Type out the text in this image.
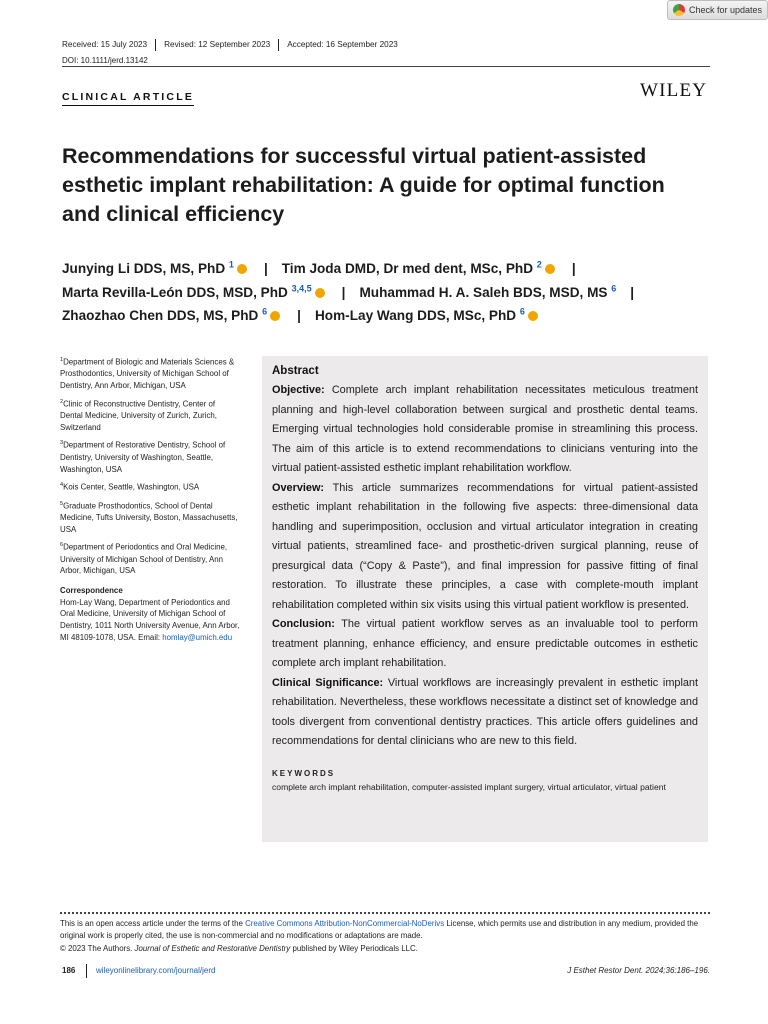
Check for updates
Received: 15 July 2023	Revised: 12 September 2023	Accepted: 16 September 2023
DOI: 10.1111/jerd.13142
CLINICAL ARTICLE	WILEY
Recommendations for successful virtual patient-assisted esthetic implant rehabilitation: A guide for optimal function and clinical efficiency
Junying Li DDS, MS, PhD $^1$ | Tim Joda DMD, Dr med dent, MSc, PhD $^2$ |
Marta Revilla-León DDS, MSD, PhD $^{3,4,5}$ | Muhammad H. A. Saleh BDS, MSD, MS $^6$ |
Zhaozhao Chen DDS, MS, PhD $^6$ | Hom-Lay Wang DDS, MSc, PhD $^6$

$^1$Department of Biologic and Materials Sciences & Prosthodontics, University of Michigan School of Dentistry, Ann Arbor, Michigan, USA

$^2$Clinic of Reconstructive Dentistry, Center of Dental Medicine, University of Zurich, Zurich, Switzerland

$^3$Department of Restorative Dentistry, School of Dentistry, University of Washington, Seattle, Washington, USA

$^4$Kois Center, Seattle, Washington, USA

$^5$Graduate Prosthodontics, School of Dental Medicine, Tufts University, Boston, Massachusetts, USA

$^6$Department of Periodontics and Oral Medicine, University of Michigan School of Dentistry, Ann Arbor, Michigan, USA

Correspondence
Hom-Lay Wang, Department of Periodontics and Oral Medicine, University of Michigan School of Dentistry, 1011 North University Avenue, Ann Arbor, MI 48109-1078, USA. Email: homlay@umich.edu
Abstract

Objective: Complete arch implant rehabilitation necessitates meticulous treatment planning and high-level collaboration between surgical and prosthetic dental teams. Emerging virtual technologies hold considerable promise in streamlining this process. The aim of this article is to extend recommendations to clinicians venturing into the virtual patient-assisted esthetic implant rehabilitation workflow.

Overview: This article summarizes recommendations for virtual patient-assisted esthetic implant rehabilitation in the following five aspects: three-dimensional data handling and superimposition, occlusion and virtual articulator integration in creating virtual patients, streamlined face- and prosthetic-driven surgical planning, reuse of presurgical data (“Copy & Paste”), and final impression for passive fitting of final restoration. To illustrate these principles, a case with complete-mouth implant rehabilitation completed within six visits using this virtual patient workflow is presented.

Conclusion: The virtual patient workflow serves as an invaluable tool to perform treatment planning, enhance efficiency, and ensure predictable outcomes in esthetic complete arch implant rehabilitation.

Clinical Significance: Virtual workflows are increasingly prevalent in esthetic implant rehabilitation. Nevertheless, these workflows necessitate a distinct set of knowledge and tools divergent from conventional dentistry practices. This article offers guidelines and recommendations for dental clinicians who are new to this field.

KEYWORDS
complete arch implant rehabilitation, computer-assisted implant surgery, virtual articulator, virtual patient
This is an open access article under the terms of the Creative Commons Attribution-NonCommercial-NoDerivs License, which permits use and distribution in any medium, provided the original work is properly cited, the use is non-commercial and no modifications or adaptations are made.
© 2023 The Authors. Journal of Esthetic and Restorative Dentistry published by Wiley Periodicals LLC.
186	wileyonlinelibrary.com/journal/jerd	J Esthet Restor Dent. 2024;36:186–196.
